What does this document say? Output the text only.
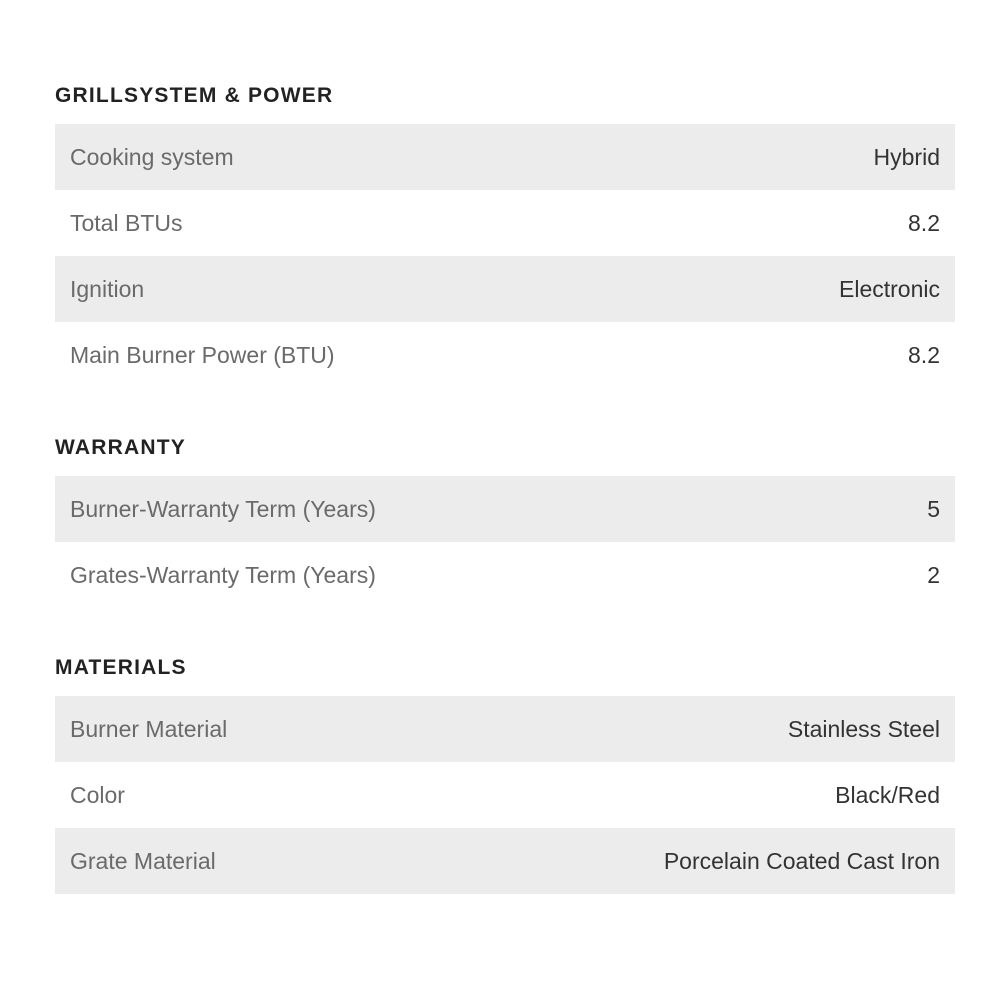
GRILLSYSTEM & POWER
Cooking system	Hybrid
Total BTUs	8.2
Ignition	Electronic
Main Burner Power (BTU)	8.2
WARRANTY
Burner-Warranty Term (Years)	5
Grates-Warranty Term (Years)	2
MATERIALS
Burner Material	Stainless Steel
Color	Black/Red
Grate Material	Porcelain Coated Cast Iron
